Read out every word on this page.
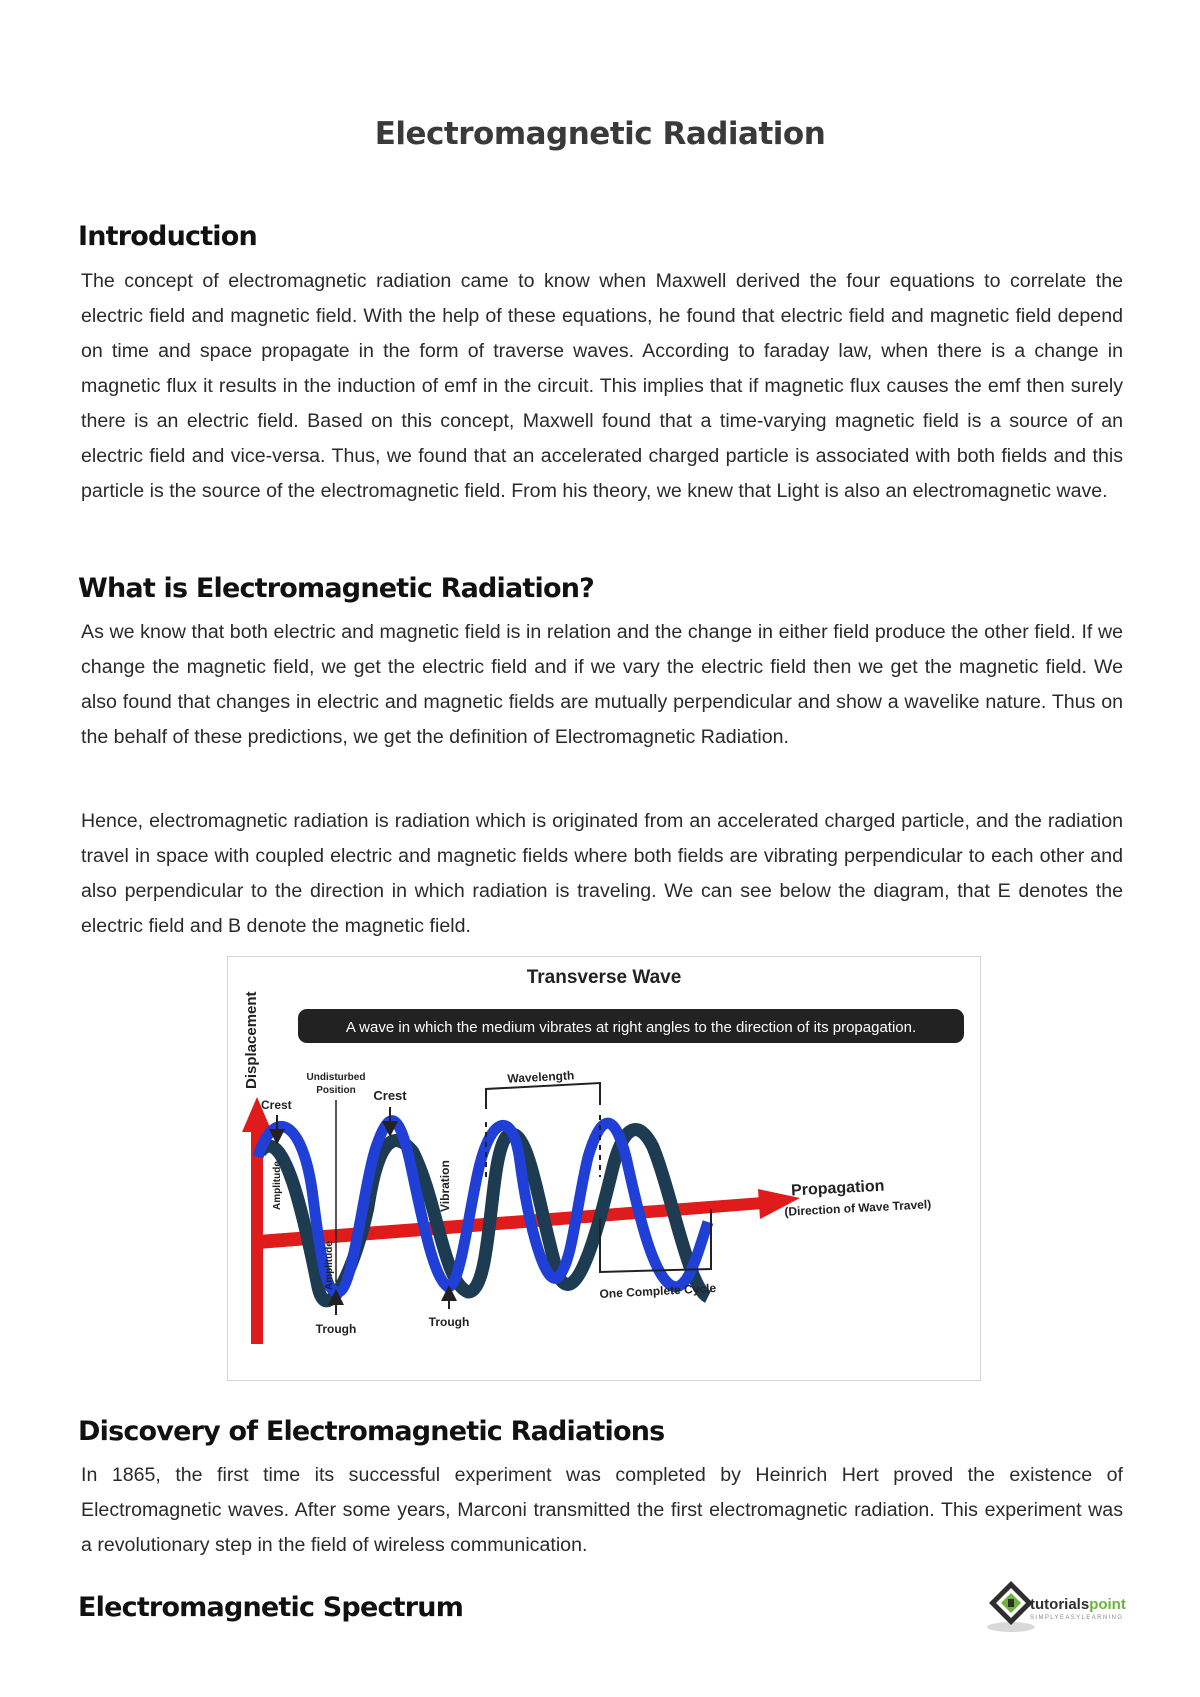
Electromagnetic Radiation
Introduction

The concept of electromagnetic radiation came to know when Maxwell derived the four equations to correlate the electric field and magnetic field. With the help of these equations, he found that electric field and magnetic field depend on time and space propagate in the form of traverse waves. According to faraday law, when there is a change in magnetic flux it results in the induction of emf in the circuit. This implies that if magnetic flux causes the emf then surely there is an electric field. Based on this concept, Maxwell found that a time-varying magnetic field is a source of an electric field and vice-versa. Thus, we found that an accelerated charged particle is associated with both fields and this particle is the source of the electromagnetic field. From his theory, we knew that Light is also an electromagnetic wave.

What is Electromagnetic Radiation?

As we know that both electric and magnetic field is in relation and the change in either field produce the other field. If we change the magnetic field, we get the electric field and if we vary the electric field then we get the magnetic field. We also found that changes in electric and magnetic fields are mutually perpendicular and show a wavelike nature. Thus on the behalf of these predictions, we get the definition of Electromagnetic Radiation.

Hence, electromagnetic radiation is radiation which is originated from an accelerated charged particle, and the radiation travel in space with coupled electric and magnetic fields where both fields are vibrating perpendicular to each other and also perpendicular to the direction in which radiation is traveling. We can see below the diagram, that E denotes the electric field and B denote the magnetic field.

Transverse Wave
A wave in which the medium vibrates at right angles to the direction of its propagation.
Displacement	Wavelength
One Complete Cycle
Crest
Undisturbed
Position Crest
Amplitude
Amplitude
Vibration
Trough	Trough
Propagation
(Direction of Wave Travel)
Discovery of Electromagnetic Radiations

In 1865, the first time its successful experiment was completed by Heinrich Hert proved the existence of Electromagnetic waves. After some years, Marconi transmitted the first electromagnetic radiation. This experiment was a revolutionary step in the field of wireless communication.

Electromagnetic Spectrum	tutorialspoint
SIMPLYEASYLEARNING
